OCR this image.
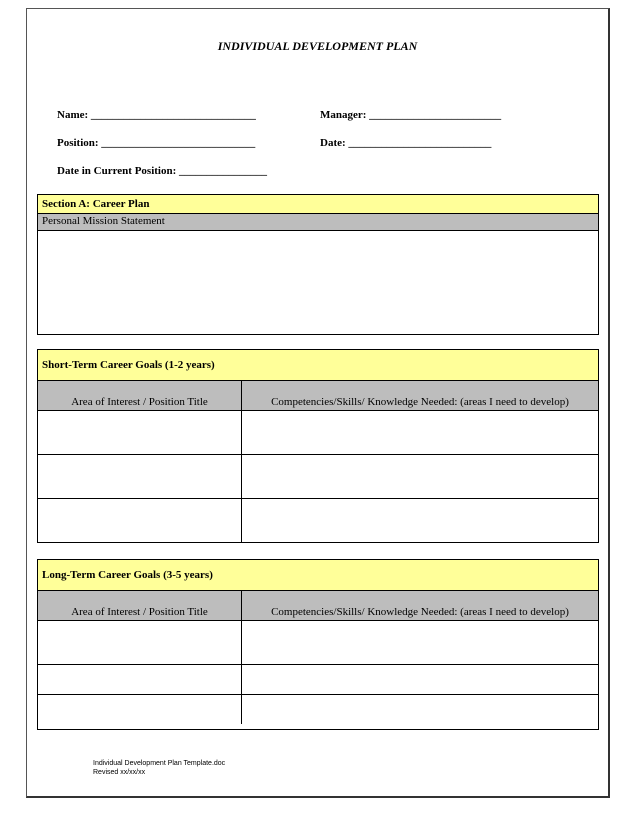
INDIVIDUAL DEVELOPMENT PLAN
Name: ______________________________	Manager: ________________________
Position: ____________________________	Date: __________________________
Date in Current Position: ________________
Section A: Career Plan
Personal Mission Statement
Short-Term Career Goals (1-2 years)
Area of Interest / Position Title	Competencies/Skills/ Knowledge Needed: (areas I need to develop)
Long-Term Career Goals (3-5 years)
Area of Interest / Position Title	Competencies/Skills/ Knowledge Needed: (areas I need to develop)
Individual Development Plan Template.doc
Revised xx/xx/xx
